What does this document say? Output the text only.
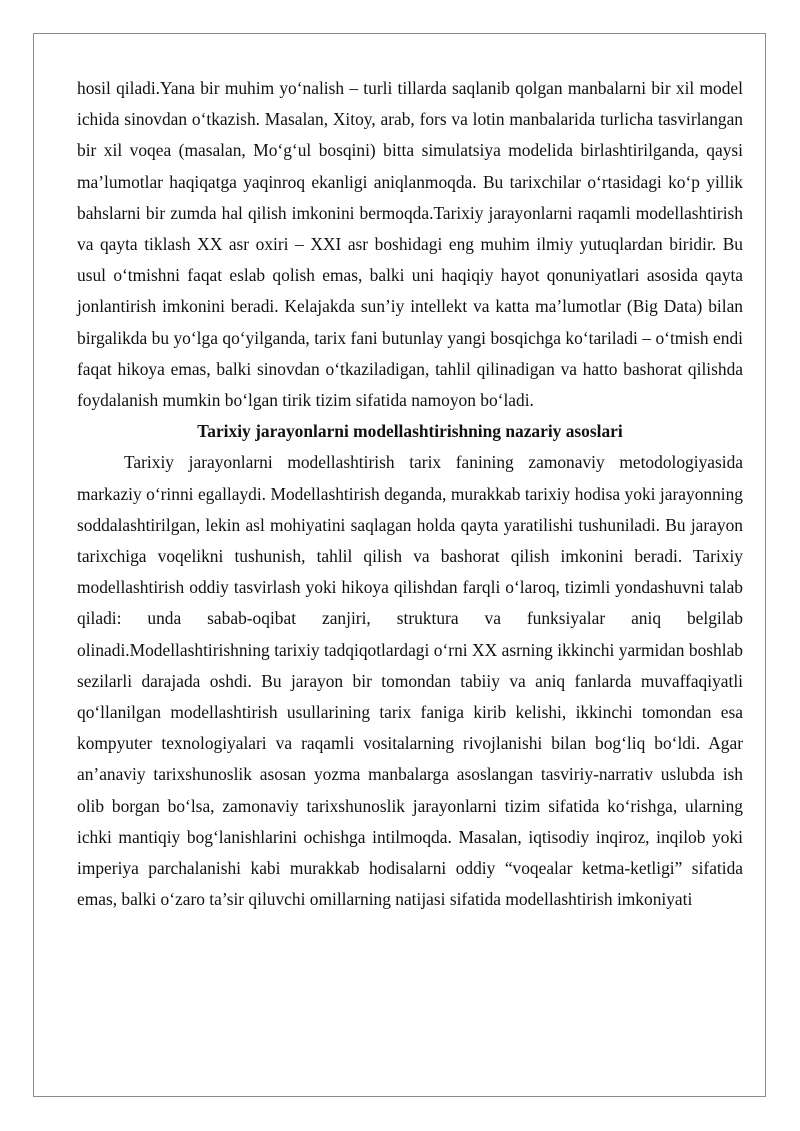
hosil qiladi.Yana bir muhim yo‘nalish – turli tillarda saqlanib qolgan manbalarni bir xil model ichida sinovdan o‘tkazish. Masalan, Xitoy, arab, fors va lotin manbalarida turlicha tasvirlangan bir xil voqea (masalan, Mo‘g‘ul bosqini) bitta simulatsiya modelida birlashtirilganda, qaysi ma’lumotlar haqiqatga yaqinroq ekanligi aniqlanmoqda. Bu tarixchilar o‘rtasidagi ko‘p yillik bahslarni bir zumda hal qilish imkonini bermoqda.Tarixiy jarayonlarni raqamli modellashtirish va qayta tiklash XX asr oxiri – XXI asr boshidagi eng muhim ilmiy yutuqlardan biridir. Bu usul o‘tmishni faqat eslab qolish emas, balki uni haqiqiy hayot qonuniyatlari asosida qayta jonlantirish imkonini beradi. Kelajakda sun’iy intellekt va katta ma’lumotlar (Big Data) bilan birgalikda bu yo‘lga qo‘yilganda, tarix fani butunlay yangi bosqichga ko‘tariladi – o‘tmish endi faqat hikoya emas, balki sinovdan o‘tkaziladigan, tahlil qilinadigan va hatto bashorat qilishda foydalanish mumkin bo‘lgan tirik tizim sifatida namoyon bo‘ladi.

Tarixiy jarayonlarni modellashtirishning nazariy asoslari

Tarixiy jarayonlarni modellashtirish tarix fanining zamonaviy metodologiyasida markaziy o‘rinni egallaydi. Modellashtirish deganda, murakkab tarixiy hodisa yoki jarayonning soddalashtirilgan, lekin asl mohiyatini saqlagan holda qayta yaratilishi tushuniladi. Bu jarayon tarixchiga voqelikni tushunish, tahlil qilish va bashorat qilish imkonini beradi. Tarixiy modellashtirish oddiy tasvirlash yoki hikoya qilishdan farqli o‘laroq, tizimli yondashuvni talab qiladi: unda sabab-oqibat zanjiri, struktura va funksiyalar aniq belgilab olinadi.Modellashtirishning tarixiy tadqiqotlardagi o‘rni XX asrning ikkinchi yarmidan boshlab sezilarli darajada oshdi. Bu jarayon bir tomondan tabiiy va aniq fanlarda muvaffaqiyatli qo‘llanilgan modellashtirish usullarining tarix faniga kirib kelishi, ikkinchi tomondan esa kompyuter texnologiyalari va raqamli vositalarning rivojlanishi bilan bog‘liq bo‘ldi. Agar an’anaviy tarixshunoslik asosan yozma manbalarga asoslangan tasviriy-narrativ uslubda ish olib borgan bo‘lsa, zamonaviy tarixshunoslik jarayonlarni tizim sifatida ko‘rishga, ularning ichki mantiqiy bog‘lanishlarini ochishga intilmoqda. Masalan, iqtisodiy inqiroz, inqilob yoki imperiya parchalanishi kabi murakkab hodisalarni oddiy “voqealar ketma-ketligi” sifatida emas, balki o‘zaro ta’sir qiluvchi omillarning natijasi sifatida modellashtirish imkoniyati
